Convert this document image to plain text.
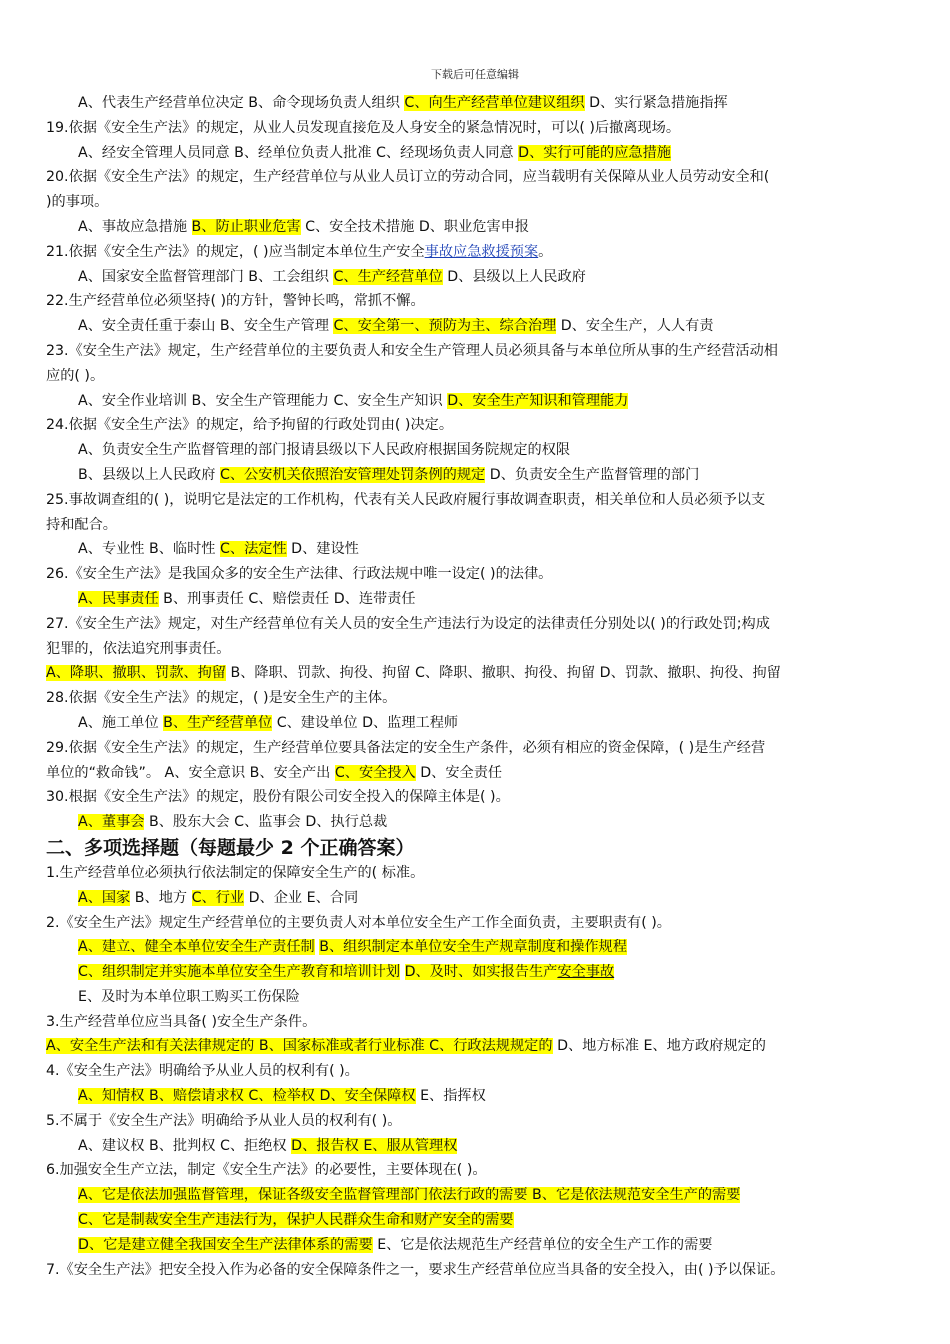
下载后可任意编辑
A、代表生产经营单位决定 B、命令现场负责人组织 C、向生产经营单位建议组织 D、实行紧急措施指挥
19.依据《安全生产法》的规定，从业人员发现直接危及人身安全的紧急情况时，可以( )后撤离现场。
A、经安全管理人员同意 B、经单位负责人批准 C、经现场负责人同意 D、实行可能的应急措施
20.依据《安全生产法》的规定，生产经营单位与从业人员订立的劳动合同，应当载明有关保障从业人员劳动安全和(
)的事项。
A、事故应急措施 B、防止职业危害 C、安全技术措施 D、职业危害申报
21.依据《安全生产法》的规定，( )应当制定本单位生产安全事故应急救援预案。
A、国家安全监督管理部门 B、工会组织 C、生产经营单位 D、县级以上人民政府
22.生产经营单位必须坚持( )的方针，警钟长鸣，常抓不懈。
A、安全责任重于泰山 B、安全生产管理 C、安全第一、预防为主、综合治理 D、安全生产，人人有责
23.《安全生产法》规定，生产经营单位的主要负责人和安全生产管理人员必须具备与本单位所从事的生产经营活动相
应的( )。
A、安全作业培训 B、安全生产管理能力 C、安全生产知识 D、安全生产知识和管理能力
24.依据《安全生产法》的规定，给予拘留的行政处罚由( )决定。
A、负责安全生产监督管理的部门报请县级以下人民政府根据国务院规定的权限
B、县级以上人民政府 C、公安机关依照治安管理处罚条例的规定 D、负责安全生产监督管理的部门
25.事故调查组的( )，说明它是法定的工作机构，代表有关人民政府履行事故调查职责，相关单位和人员必须予以支
持和配合。
A、专业性 B、临时性 C、法定性 D、建设性
26.《安全生产法》是我国众多的安全生产法律、行政法规中唯一设定( )的法律。
A、民事责任 B、刑事责任 C、赔偿责任 D、连带责任
27.《安全生产法》规定，对生产经营单位有关人员的安全生产违法行为设定的法律责任分别处以( )的行政处罚;构成
犯罪的，依法追究刑事责任。
A、降职、撤职、罚款、拘留 B、降职、罚款、拘役、拘留 C、降职、撤职、拘役、拘留 D、罚款、撤职、拘役、拘留
28.依据《安全生产法》的规定，( )是安全生产的主体。
A、施工单位 B、生产经营单位 C、建设单位 D、监理工程师
29.依据《安全生产法》的规定，生产经营单位要具备法定的安全生产条件，必须有相应的资金保障，( )是生产经营
单位的“救命钱”。 A、安全意识 B、安全产出 C、安全投入 D、安全责任
30.根据《安全生产法》的规定，股份有限公司安全投入的保障主体是( )。
A、董事会 B、股东大会 C、监事会 D、执行总裁
二、多项选择题（每题最少 2 个正确答案）
1.生产经营单位必须执行依法制定的保障安全生产的( 标准。
A、国家 B、地方 C、行业 D、企业 E、合同
2.《安全生产法》规定生产经营单位的主要负责人对本单位安全生产工作全面负责，主要职责有( )。
A、建立、健全本单位安全生产责任制 B、组织制定本单位安全生产规章制度和操作规程
C、组织制定并实施本单位安全生产教育和培训计划 D、及时、如实报告生产安全事故
E、及时为本单位职工购买工伤保险
3.生产经营单位应当具备( )安全生产条件。
A、安全生产法和有关法律规定的 B、国家标准或者行业标准 C、行政法规规定的 D、地方标准 E、地方政府规定的
4.《安全生产法》明确给予从业人员的权利有( )。
A、知情权 B、赔偿请求权 C、检举权 D、安全保障权 E、指挥权
5.不属于《安全生产法》明确给予从业人员的权利有( )。
A、建议权 B、批判权 C、拒绝权 D、报告权 E、服从管理权
6.加强安全生产立法，制定《安全生产法》的必要性，主要体现在( )。
A、它是依法加强监督管理，保证各级安全监督管理部门依法行政的需要 B、它是依法规范安全生产的需要
C、它是制裁安全生产违法行为，保护人民群众生命和财产安全的需要
D、它是建立健全我国安全生产法律体系的需要 E、它是依法规范生产经营单位的安全生产工作的需要
7.《安全生产法》把安全投入作为必备的安全保障条件之一，要求生产经营单位应当具备的安全投入，由( )予以保证。
